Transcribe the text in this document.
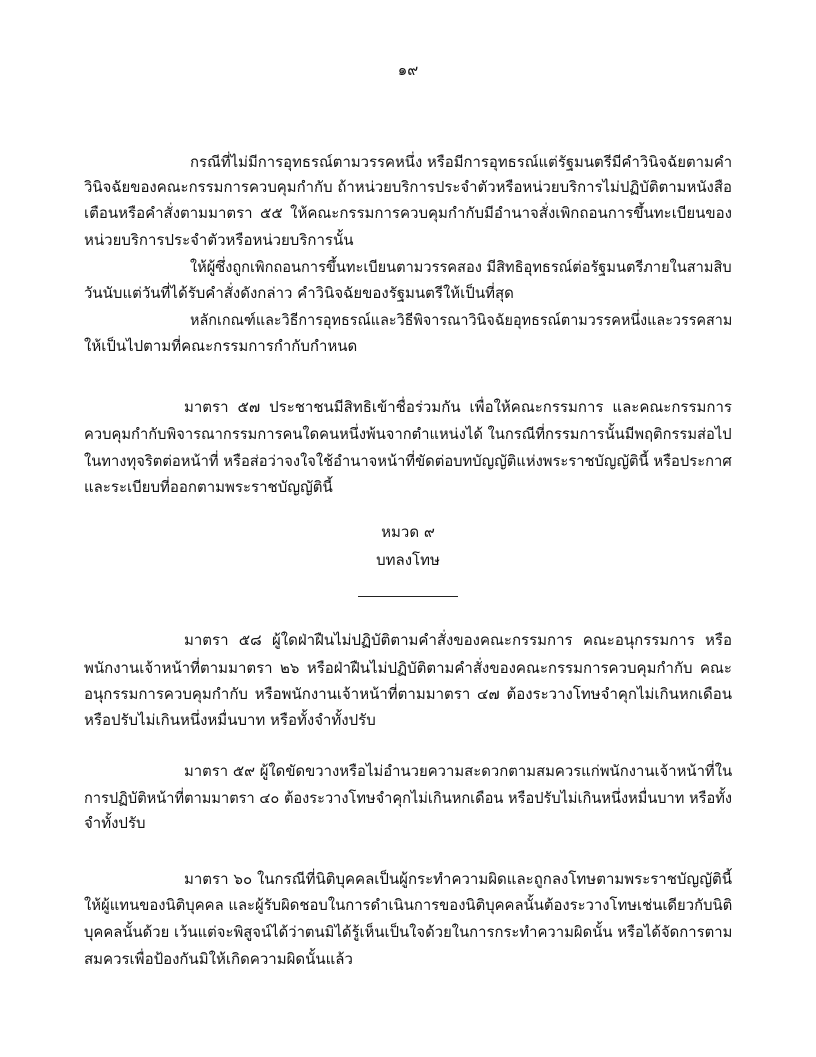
๑๙
กรณีที่ไม่มีการอุทธรณ์ตามวรรคหนึ่ง หรือมีการอุทธรณ์แต่รัฐมนตรีมีคำวินิจฉัยตามคำ
วินิจฉัยของคณะกรรมการควบคุมกำกับ ถ้าหน่วยบริการประจำตัวหรือหน่วยบริการไม่ปฏิบัติตามหนังสือ
เตือนหรือคำสั่งตามมาตรา ๕๕ ให้คณะกรรมการควบคุมกำกับมีอำนาจสั่งเพิกถอนการขึ้นทะเบียนของ
หน่วยบริการประจำตัวหรือหน่วยบริการนั้น
ให้ผู้ซึ่งถูกเพิกถอนการขึ้นทะเบียนตามวรรคสอง มีสิทธิอุทธรณ์ต่อรัฐมนตรีภายในสามสิบ
วันนับแต่วันที่ได้รับคำสั่งดังกล่าว คำวินิจฉัยของรัฐมนตรีให้เป็นที่สุด
หลักเกณฑ์และวิธีการอุทธรณ์และวิธีพิจารณาวินิจฉัยอุทธรณ์ตามวรรคหนึ่งและวรรคสาม
ให้เป็นไปตามที่คณะกรรมการกำกับกำหนด
มาตรา ๕๗ ประชาชนมีสิทธิเข้าชื่อร่วมกัน เพื่อให้คณะกรรมการ และคณะกรรมการ
ควบคุมกำกับพิจารณากรรมการคนใดคนหนึ่งพ้นจากตำแหน่งได้ ในกรณีที่กรรมการนั้นมีพฤติกรรมส่อไป
ในทางทุจริตต่อหน้าที่ หรือส่อว่าจงใจใช้อำนาจหน้าที่ขัดต่อบทบัญญัติแห่งพระราชบัญญัตินี้ หรือประกาศ
และระเบียบที่ออกตามพระราชบัญญัตินี้
หมวด ๙
บทลงโทษ
มาตรา ๕๘ ผู้ใดฝ่าฝืนไม่ปฏิบัติตามคำสั่งของคณะกรรมการ คณะอนุกรรมการ หรือ
พนักงานเจ้าหน้าที่ตามมาตรา ๒๖ หรือฝ่าฝืนไม่ปฏิบัติตามคำสั่งของคณะกรรมการควบคุมกำกับ คณะ
อนุกรรมการควบคุมกำกับ หรือพนักงานเจ้าหน้าที่ตามมาตรา ๔๗ ต้องระวางโทษจำคุกไม่เกินหกเดือน
หรือปรับไม่เกินหนึ่งหมื่นบาท หรือทั้งจำทั้งปรับ
มาตรา ๕๙ ผู้ใดขัดขวางหรือไม่อำนวยความสะดวกตามสมควรแก่พนักงานเจ้าหน้าที่ใน
การปฏิบัติหน้าที่ตามมาตรา ๔๐ ต้องระวางโทษจำคุกไม่เกินหกเดือน หรือปรับไม่เกินหนึ่งหมื่นบาท หรือทั้ง
จำทั้งปรับ
มาตรา ๖๐ ในกรณีที่นิติบุคคลเป็นผู้กระทำความผิดและถูกลงโทษตามพระราชบัญญัตินี้
ให้ผู้แทนของนิติบุคคล และผู้รับผิดชอบในการดำเนินการของนิติบุคคลนั้นต้องระวางโทษเช่นเดียวกับนิติ
บุคคลนั้นด้วย เว้นแต่จะพิสูจน์ได้ว่าตนมิได้รู้เห็นเป็นใจด้วยในการกระทำความผิดนั้น หรือได้จัดการตาม
สมควรเพื่อป้องกันมิให้เกิดความผิดนั้นแล้ว
